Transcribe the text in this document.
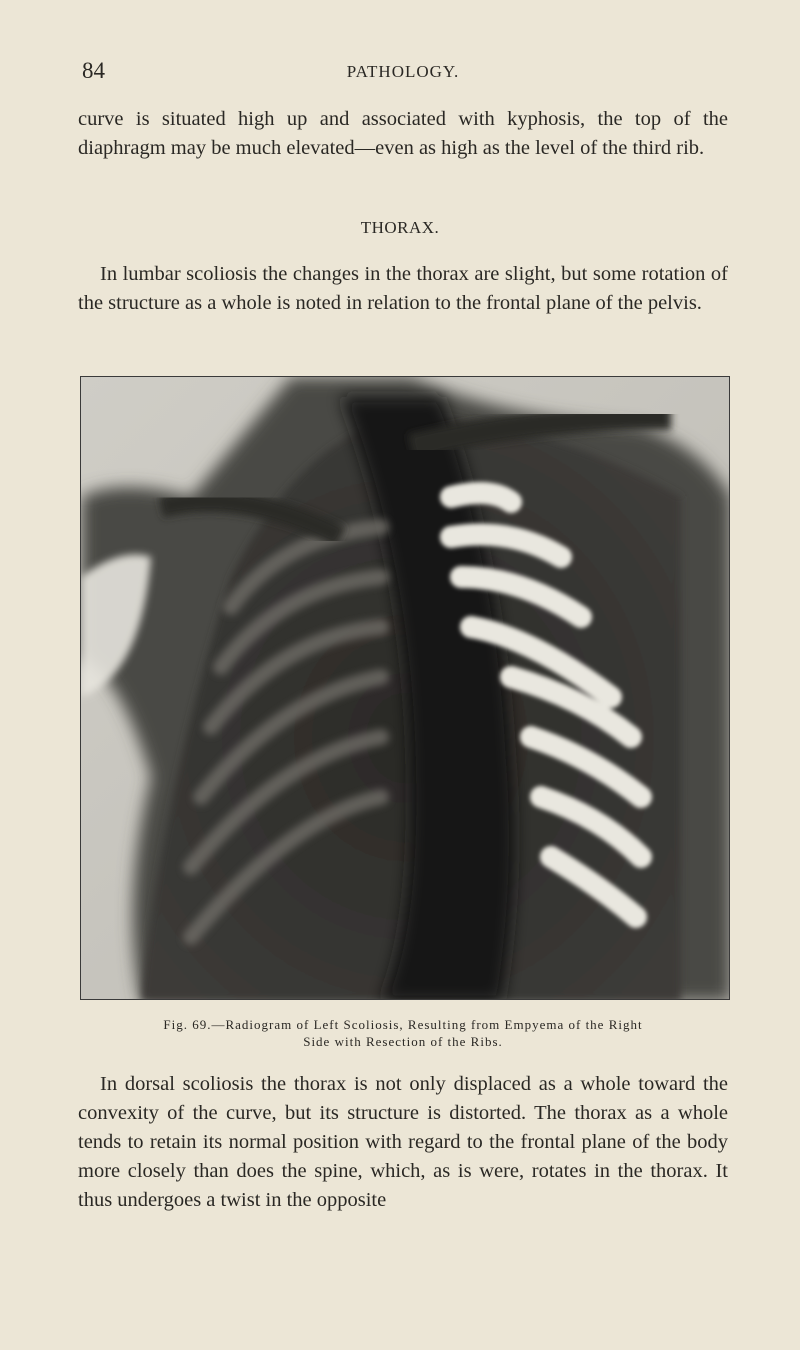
84	PATHOLOGY.

curve is situated high up and associated with kyphosis, the top of the diaphragm may be much elevated—even as high as the level of the third rib.

THORAX.

In lumbar scoliosis the changes in the thorax are slight, but some rotation of the structure as a whole is noted in relation to the frontal plane of the pelvis.

Fig. 69.—Radiogram of Left Scoliosis, Resulting from Empyema of the Right
Side with Resection of the Ribs.

In dorsal scoliosis the thorax is not only displaced as a whole toward the convexity of the curve, but its structure is distorted. The thorax as a whole tends to retain its normal position with regard to the frontal plane of the body more closely than does the spine, which, as is were, rotates in the thorax. It thus undergoes a twist in the opposite
